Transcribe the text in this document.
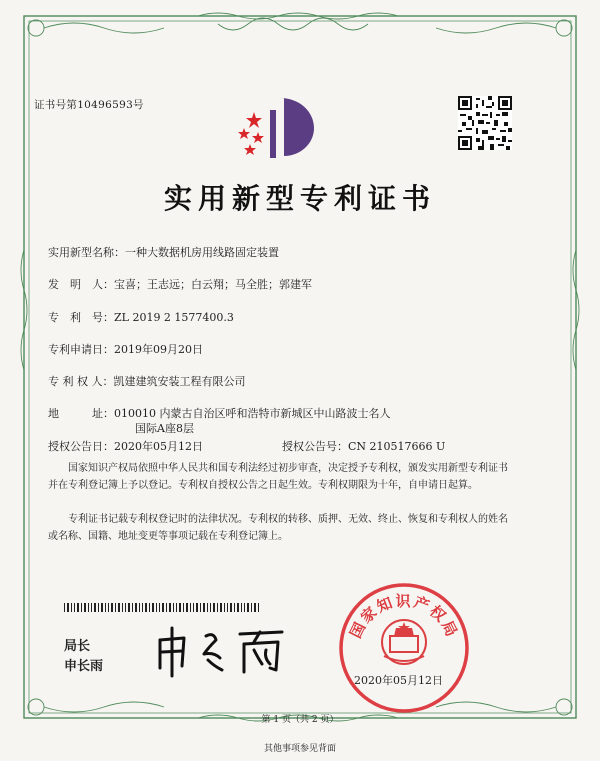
证书号第10496593号
实用新型专利证书
实用新型名称：一种大数据机房用线路固定装置
发　明　人：宝喜；王志远；白云翔；马全胜；郭建军
专　利　号：ZL 2019 2 1577400.3
专利申请日：2019年09月20日
专 利 权 人：凯建建筑安装工程有限公司
地　　　址：010010 内蒙古自治区呼和浩特市新城区中山路波士名人
国际A座8层
授权公告日：2020年05月12日	授权公告号：CN 210517666 U
国家知识产权局依照中华人民共和国专利法经过初步审查，决定授予专利权，颁发实用新型专利证书并在专利登记簿上予以登记。专利权自授权公告之日起生效。专利权期限为十年，自申请日起算。
专利证书记载专利权登记时的法律状况。专利权的转移、质押、无效、终止、恢复和专利权人的姓名或名称、国籍、地址变更等事项记载在专利登记簿上。
局长
申长雨
国家知识产权局
2020年05月12日
第 1 页（共 2 页）
其他事项参见背面
